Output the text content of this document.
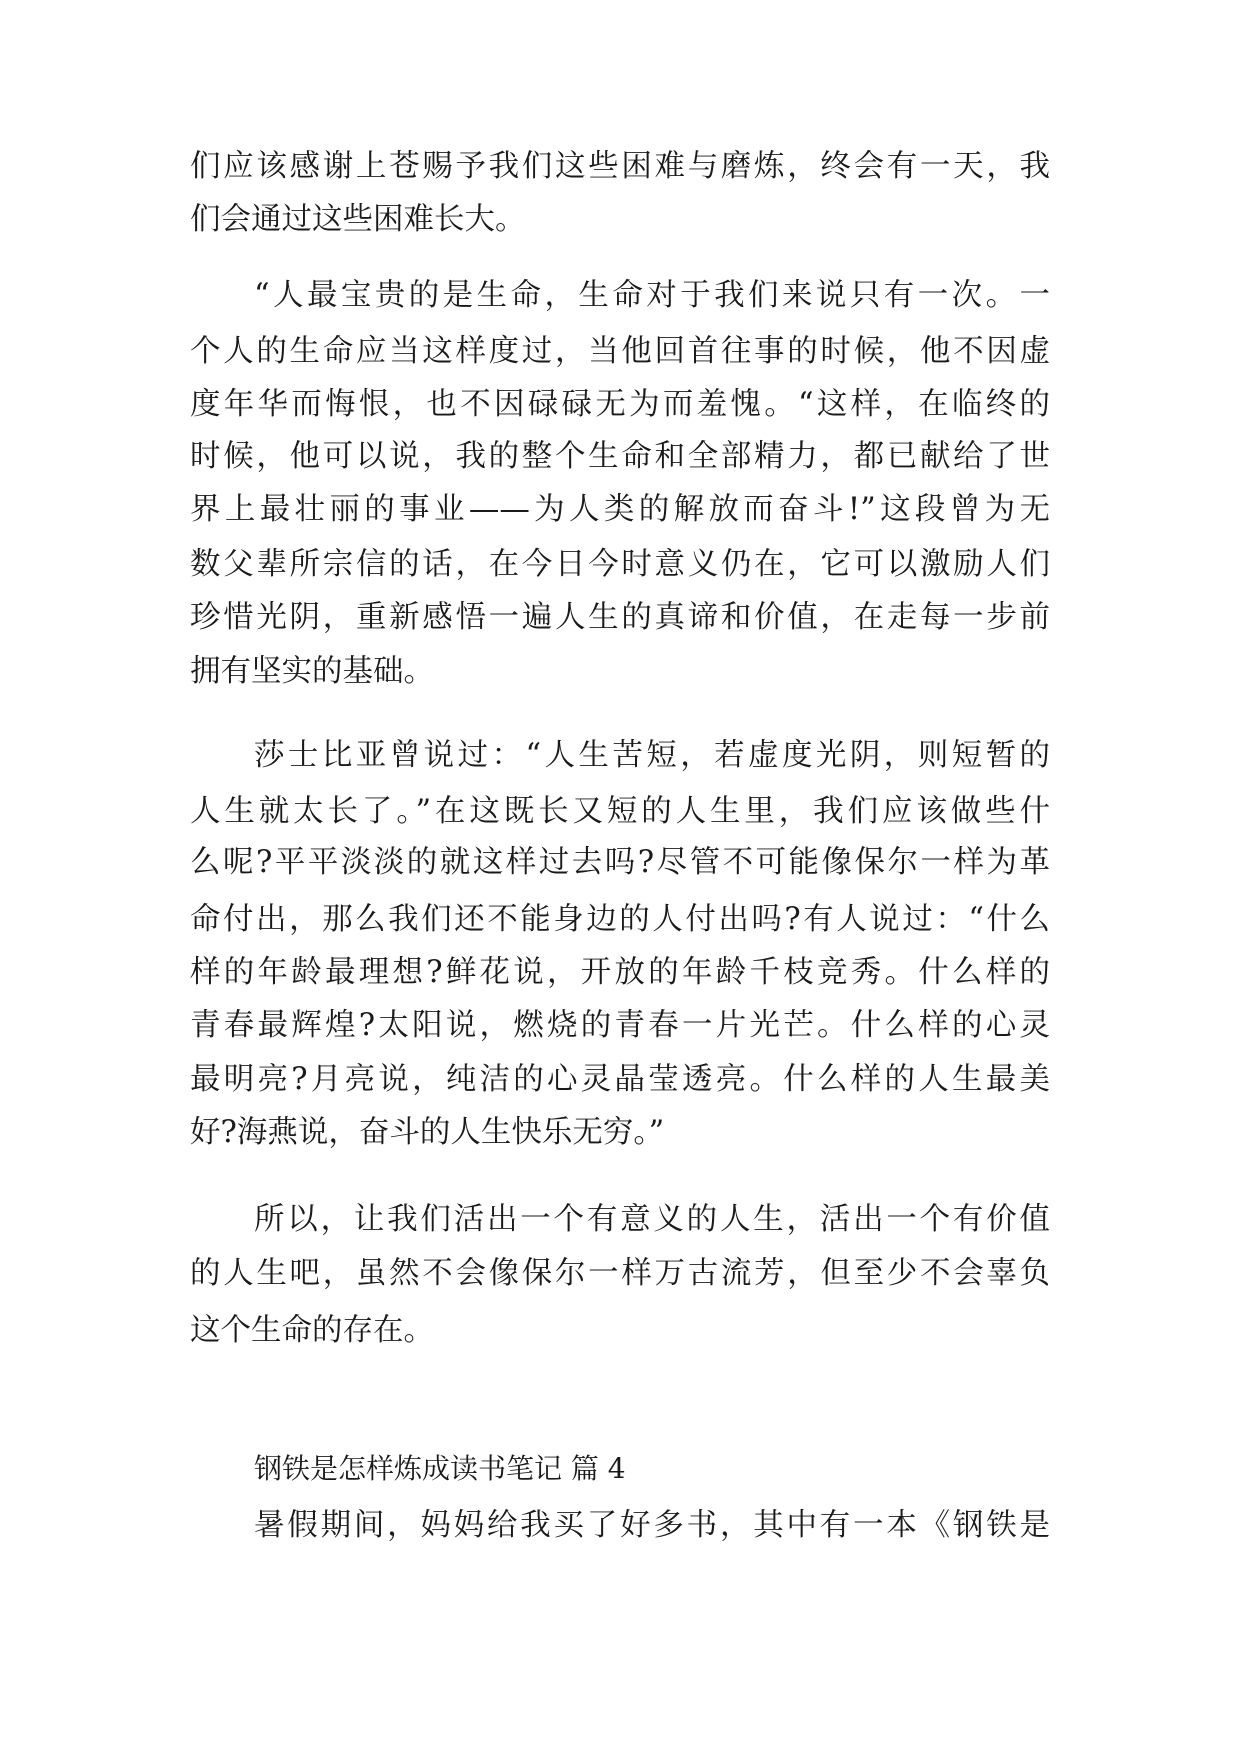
们应该感谢上苍赐予我们这些困难与磨炼，终会有一天，我
们会通过这些困难长大。
“人最宝贵的是生命，生命对于我们来说只有一次。一
个人的生命应当这样度过，当他回首往事的时候，他不因虚
度年华而悔恨，也不因碌碌无为而羞愧。“这样，在临终的
时候，他可以说，我的整个生命和全部精力，都已献给了世
界上最壮丽的事业——为人类的解放而奋斗!”这段曾为无
数父辈所宗信的话，在今日今时意义仍在，它可以激励人们
珍惜光阴，重新感悟一遍人生的真谛和价值，在走每一步前
拥有坚实的基础。
莎士比亚曾说过：“人生苦短，若虚度光阴，则短暂的
人生就太长了。”在这既长又短的人生里，我们应该做些什
么呢?平平淡淡的就这样过去吗?尽管不可能像保尔一样为革
命付出，那么我们还不能身边的人付出吗?有人说过：“什么
样的年龄最理想?鲜花说，开放的年龄千枝竞秀。什么样的
青春最辉煌?太阳说，燃烧的青春一片光芒。什么样的心灵
最明亮?月亮说，纯洁的心灵晶莹透亮。什么样的人生最美
好?海燕说，奋斗的人生快乐无穷。”
所以，让我们活出一个有意义的人生，活出一个有价值
的人生吧，虽然不会像保尔一样万古流芳，但至少不会辜负
这个生命的存在。
钢铁是怎样炼成读书笔记 篇 4
暑假期间，妈妈给我买了好多书，其中有一本《钢铁是
